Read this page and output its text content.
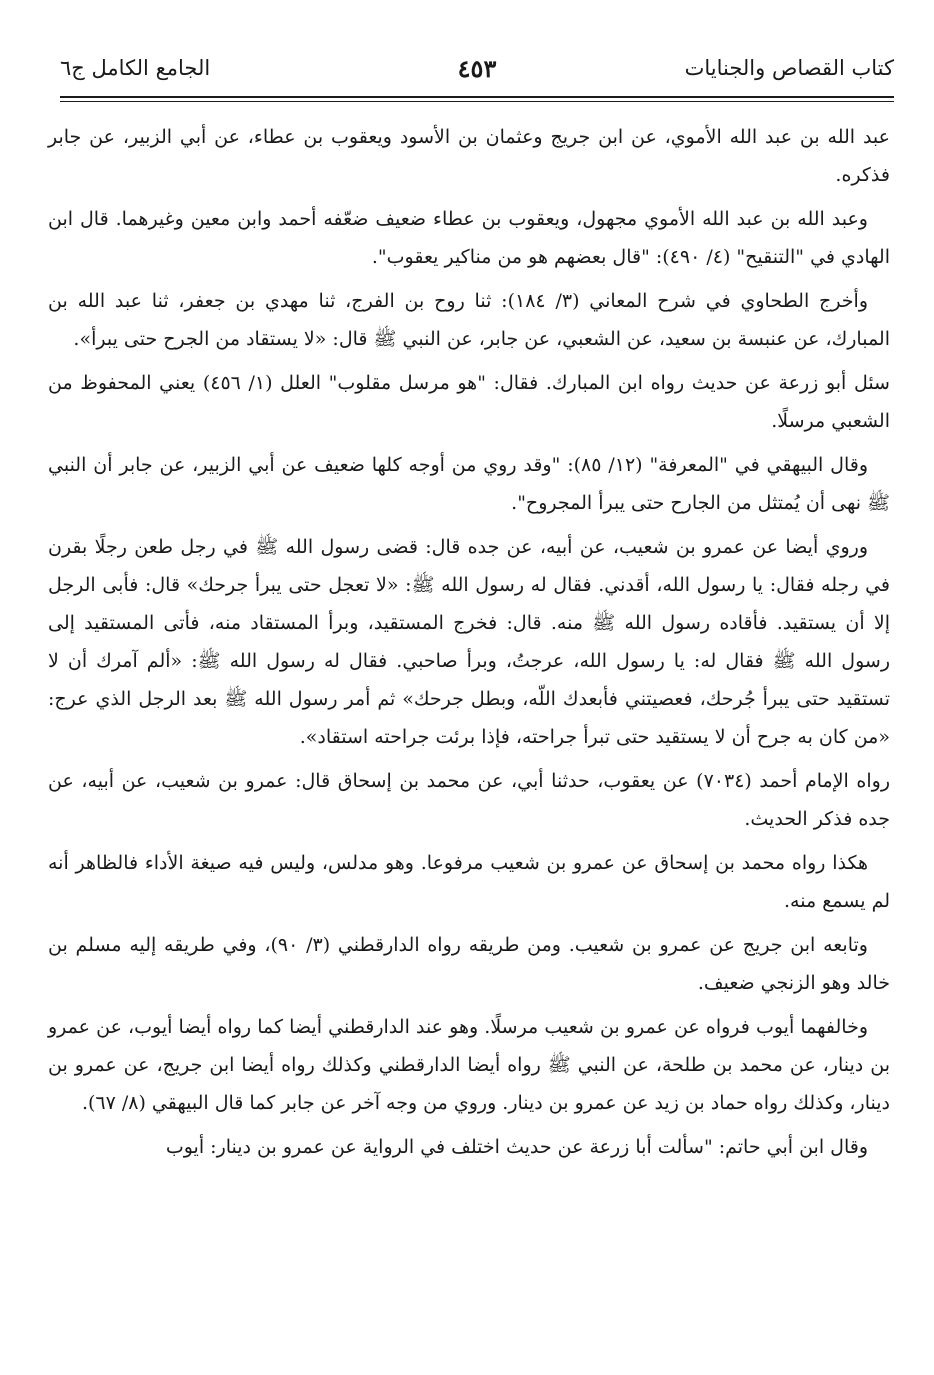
كتاب القصاص والجنايات
٤٥٣
الجامع الكامل ج٦

عبد الله بن عبد الله الأموي، عن ابن جريج وعثمان بن الأسود ويعقوب بن عطاء، عن أبي الزبير، عن جابر فذكره.

وعبد الله بن عبد الله الأموي مجهول، ويعقوب بن عطاء ضعيف ضعّفه أحمد وابن معين وغيرهما. قال ابن الهادي في "التنقيح" (٤/ ٤٩٠): "قال بعضهم هو من مناكير يعقوب".

وأخرج الطحاوي في شرح المعاني (٣/ ١٨٤): ثنا روح بن الفرج، ثنا مهدي بن جعفر، ثنا عبد الله بن المبارك، عن عنبسة بن سعيد، عن الشعبي، عن جابر، عن النبي ﷺ قال: «لا يستقاد من الجرح حتى يبرأ».

سئل أبو زرعة عن حديث رواه ابن المبارك. فقال: "هو مرسل مقلوب" العلل (١/ ٤٥٦) يعني المحفوظ من الشعبي مرسلًا.

وقال البيهقي في "المعرفة" (١٢/ ٨٥): "وقد روي من أوجه كلها ضعيف عن أبي الزبير، عن جابر أن النبي ﷺ نهى أن يُمتثل من الجارح حتى يبرأ المجروح".

وروي أيضا عن عمرو بن شعيب، عن أبيه، عن جده قال: قضى رسول الله ﷺ في رجل طعن رجلًا بقرن في رجله فقال: يا رسول الله، أقدني. فقال له رسول الله ﷺ: «لا تعجل حتى يبرأ جرحك» قال: فأبى الرجل إلا أن يستقيد. فأقاده رسول الله ﷺ منه. قال: فخرج المستقيد، وبرأ المستقاد منه، فأتى المستقيد إلى رسول الله ﷺ فقال له: يا رسول الله، عرجتُ، وبرأ صاحبي. فقال له رسول الله ﷺ: «ألم آمرك أن لا تستقيد حتى يبرأ جُرحك، فعصيتني فأبعدك اللّه، وبطل جرحك» ثم أمر رسول الله ﷺ بعد الرجل الذي عرج: «من كان به جرح أن لا يستقيد حتى تبرأ جراحته، فإذا برئت جراحته استقاد».

رواه الإمام أحمد (٧٠٣٤) عن يعقوب، حدثنا أبي، عن محمد بن إسحاق قال: عمرو بن شعيب، عن أبيه، عن جده فذكر الحديث.

هكذا رواه محمد بن إسحاق عن عمرو بن شعيب مرفوعا. وهو مدلس، وليس فيه صيغة الأداء فالظاهر أنه لم يسمع منه.

وتابعه ابن جريج عن عمرو بن شعيب. ومن طريقه رواه الدارقطني (٣/ ٩٠)، وفي طريقه إليه مسلم بن خالد وهو الزنجي ضعيف.

وخالفهما أيوب فرواه عن عمرو بن شعيب مرسلًا. وهو عند الدارقطني أيضا كما رواه أيضا أيوب، عن عمرو بن دينار، عن محمد بن طلحة، عن النبي ﷺ رواه أيضا الدارقطني وكذلك رواه أيضا ابن جريج، عن عمرو بن دينار، وكذلك رواه حماد بن زيد عن عمرو بن دينار. وروي من وجه آخر عن جابر كما قال البيهقي (٨/ ٦٧).

وقال ابن أبي حاتم: "سألت أبا زرعة عن حديث اختلف في الرواية عن عمرو بن دينار: أيوب
